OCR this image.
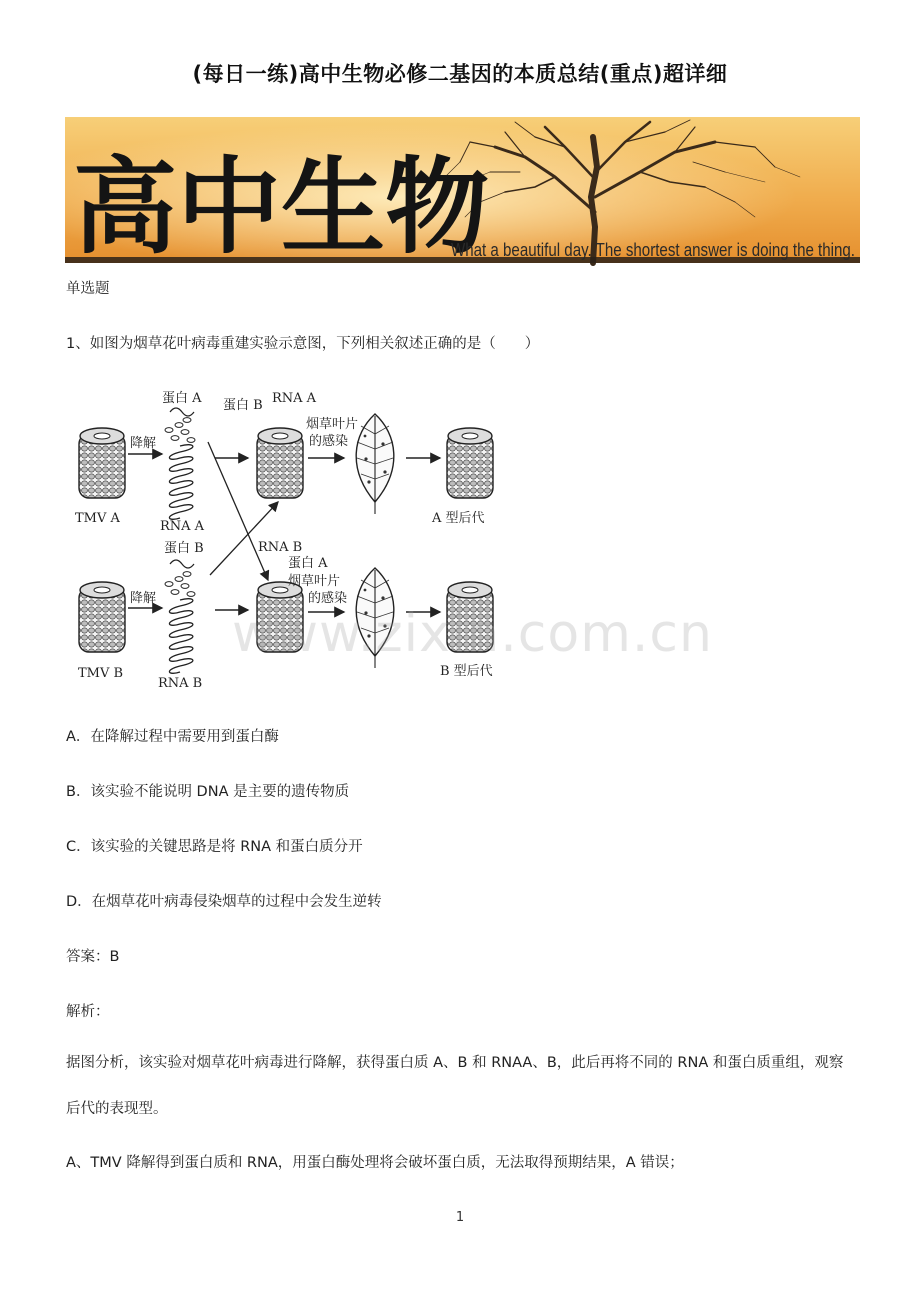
(每日一练)高中生物必修二基因的本质总结(重点)超详细
高中生物
What a beautiful day. The shortest answer is doing the thing.
单选题
1、如图为烟草花叶病毒重建实验示意图，下列相关叙述正确的是（　　）
TMV A
降解
蛋白 A
RNA A
蛋白 B RNA A
烟草叶片
的感染
A 型后代
TMV B
降解
蛋白 B
RNA B
RNA B
蛋白 A
烟草叶片
的感染
B 型后代
www.zixin.com.cn
A．在降解过程中需要用到蛋白酶
B．该实验不能说明 DNA 是主要的遗传物质
C．该实验的关键思路是将 RNA 和蛋白质分开
D．在烟草花叶病毒侵染烟草的过程中会发生逆转
答案：B
解析：
据图分析，该实验对烟草花叶病毒进行降解，获得蛋白质 A、B 和 RNAA、B，此后再将不同的 RNA 和蛋白质重组，观察后代的表现型。
A、TMV 降解得到蛋白质和 RNA，用蛋白酶处理将会破坏蛋白质，无法取得预期结果，A 错误；
1
